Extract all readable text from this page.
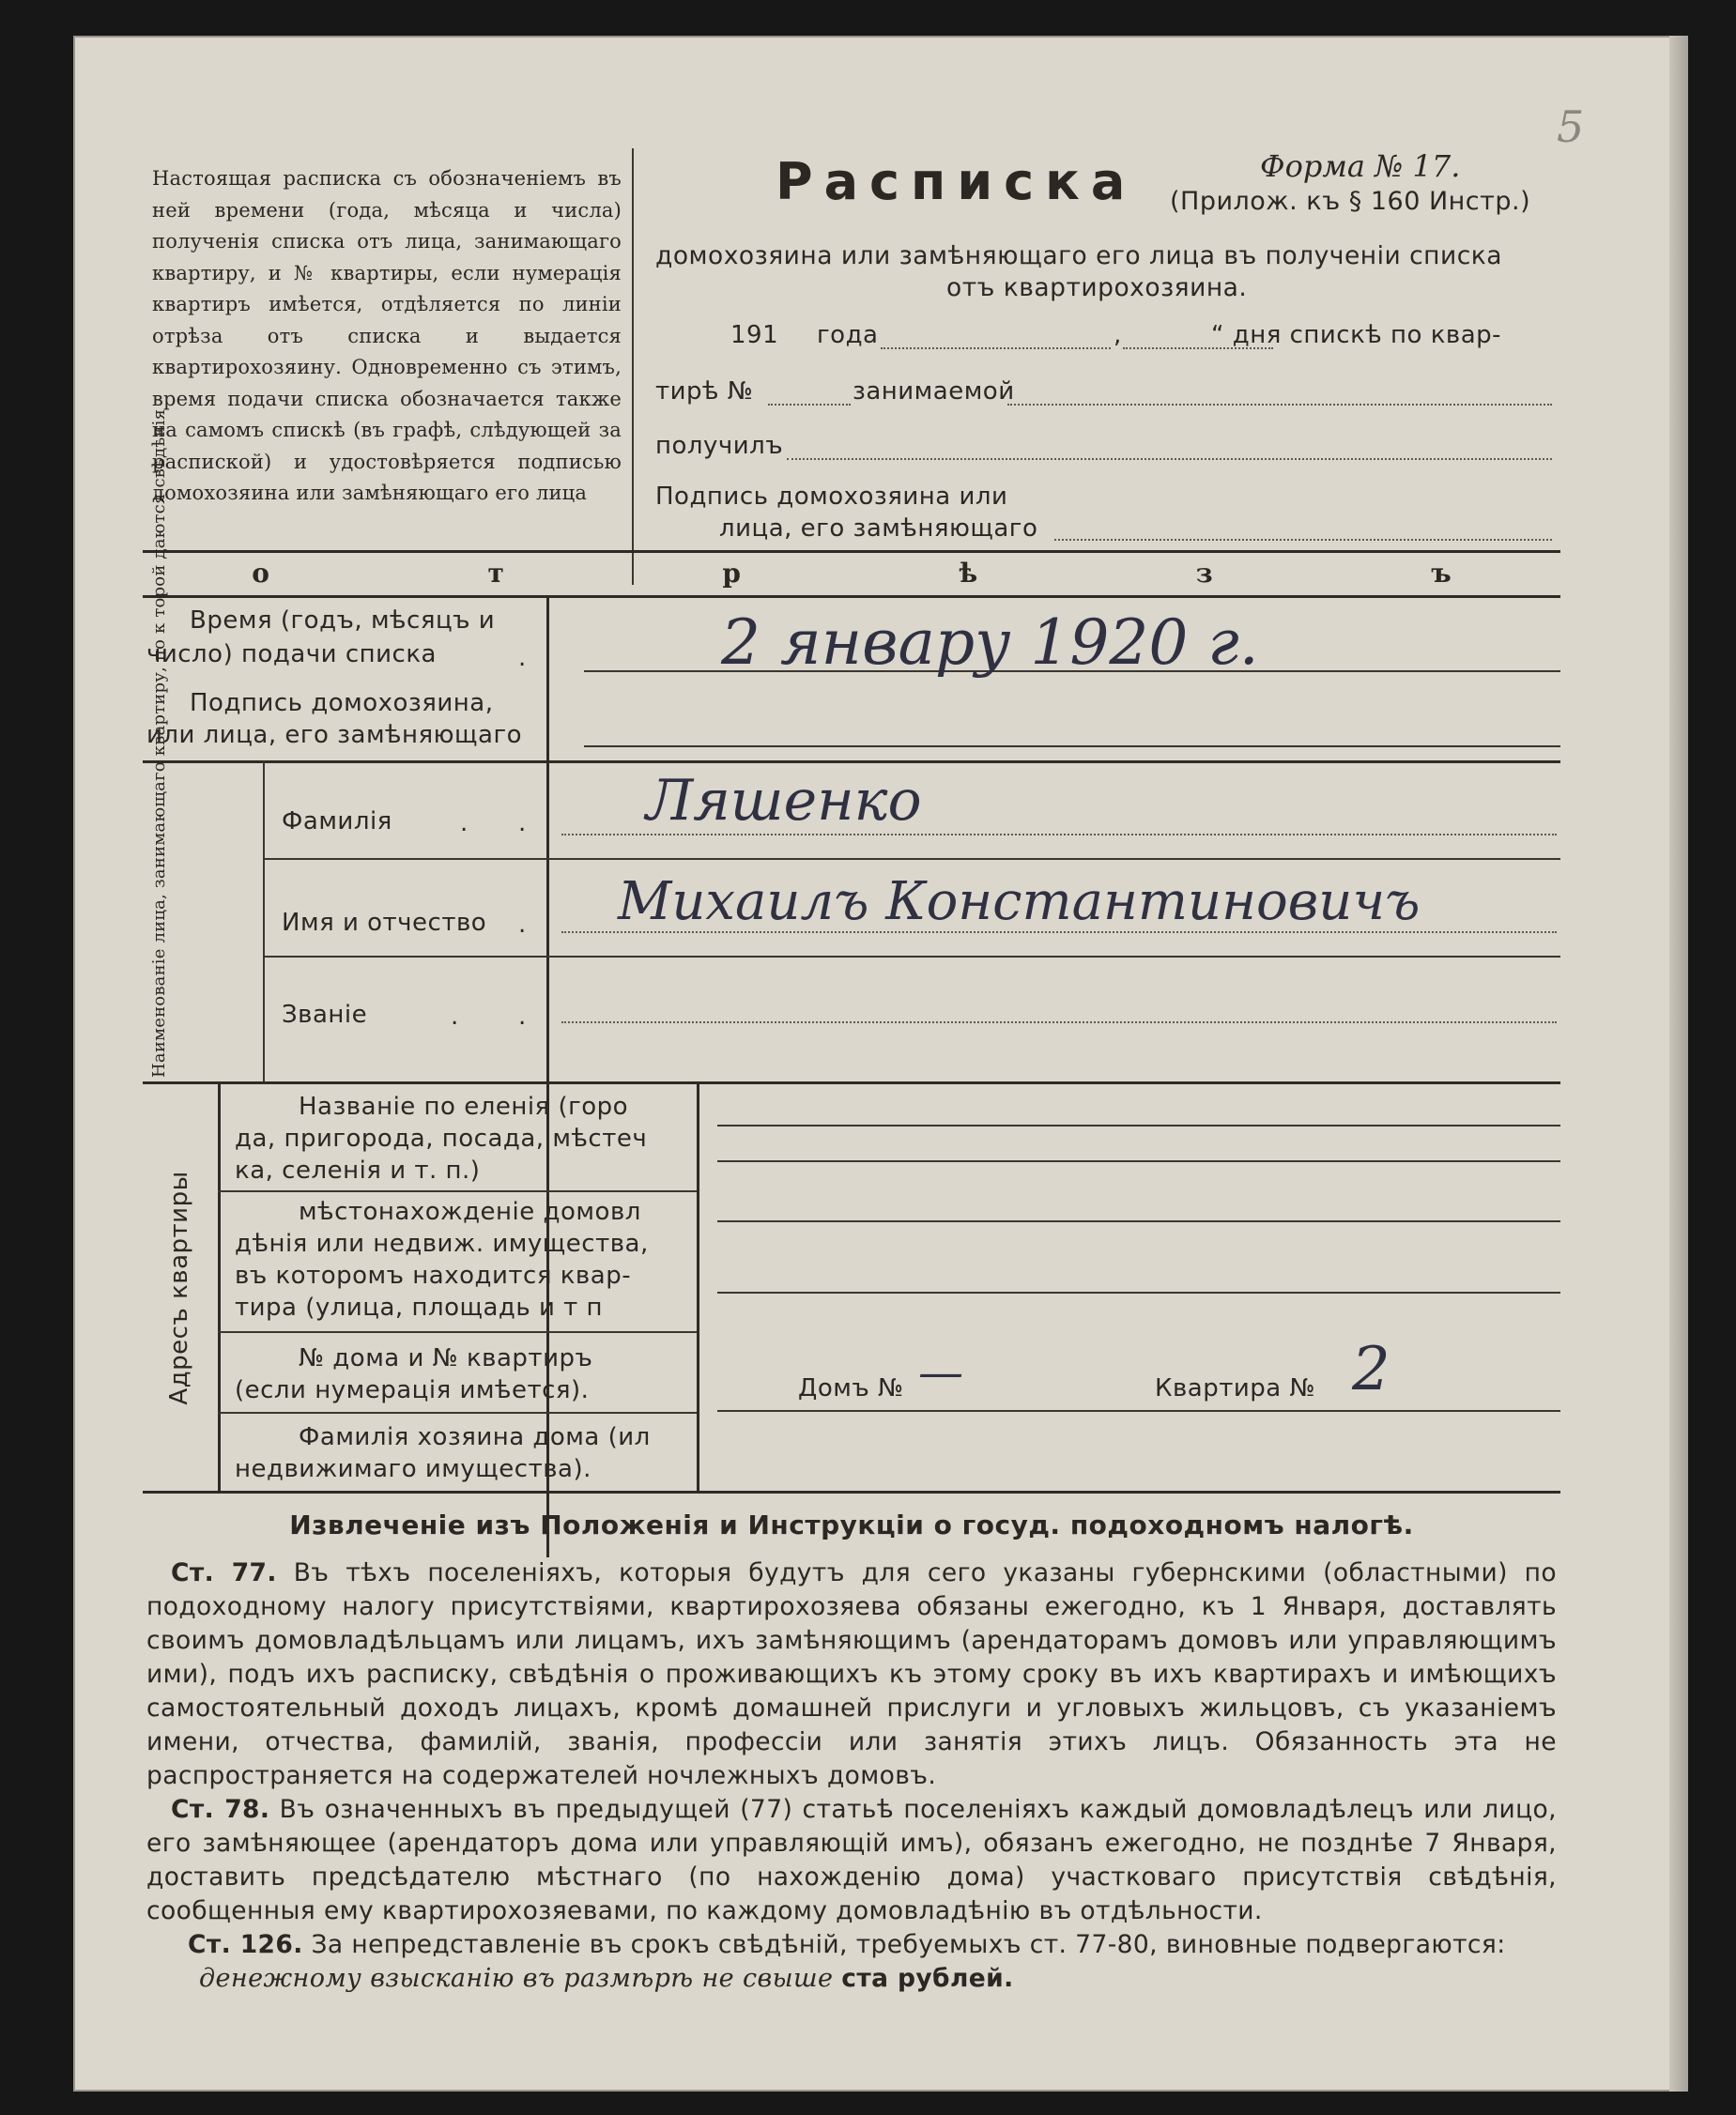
5
Настоящая расписка съ обозначеніемъ въ ней времени (года, мѣсяца и числа) полученія списка отъ лица, занимающаго квартиру, и № квартиры, если нумерація квартиръ имѣется, отдѣляется по линіи отрѣза отъ списка и выдается квартирохозяину. Одновременно съ этимъ, время подачи списка обозначается также на самомъ спискѣ (въ графѣ, слѣдующей за распиской) и удостовѣряется подписью домохозяина или замѣняющаго его лица
Расписка	Форма № 17.
(Прилож. къ § 160 Инстр.)
домохозяина или замѣняющаго его лица въ полученіи списка
отъ квартирохозяина.
191 года	,	“ дня спискѣ по квар-
тирѣ №	занимаемой
получилъ
Подпись домохозяина или
лица, его замѣняющаго
о	т	р	ѣ	з	ъ
Время (годъ, мѣсяцъ и
число) подачи списка	.
Подпись домохозяина,
или лица, его замѣняющаго
2 январу 1920 г.
Наименованіе лица, занимающаго квартиру, по к торой даются свѣдѣнія	Фамилія	. . Ляшенко
Имя и отчество . Михаилъ Константиновичъ
Званіе	. .
Адресъ квартиры
Названіе по еленія (горо
да, пригорода, посада, мѣстеч
ка, селенія и т. п.)
мѣстонахожденіе домовл
дѣнія или недвиж. имущества,
въ которомъ находится квар-
тира (улица, площадь и т п
№ дома и № квартиръ
(если нумерація имѣется).
Фамилія хозяина дома (ил
недвижимаго имущества).
Домъ № —	Квартира № 2
Извлеченіе изъ Положенія и Инструкціи о госуд. подоходномъ налогѣ.
Ст. 77. Въ тѣхъ поселеніяхъ, которыя будутъ для сего указаны губернскими (областными) по подоходному налогу присутствіями, квартирохозяева обязаны ежегодно, къ 1 Января, доставлять своимъ домовладѣльцамъ или лицамъ, ихъ замѣняющимъ (арендаторамъ домовъ или управляющимъ ими), подъ ихъ расписку, свѣдѣнія о проживающихъ къ этому сроку въ ихъ квартирахъ и имѣющихъ самостоятельный доходъ лицахъ, кромѣ домашней прислуги и угловыхъ жильцовъ, съ указаніемъ имени, отчества, фамилій, званія, профессіи или занятія этихъ лицъ. Обязанность эта не распространяется на содержателей ночлежныхъ домовъ.
Ст. 78. Въ означенныхъ въ предыдущей (77) статьѣ поселеніяхъ каждый домовладѣлецъ или лицо, его замѣняющее (арендаторъ дома или управляющій имъ), обязанъ ежегодно, не позднѣе 7 Января, доставить предсѣдателю мѣстнаго (по нахожденію дома) участковаго присутствія свѣдѣнія, сообщенныя ему квартирохозяевами, по каждому домовладѣнію въ отдѣльности.
Ст. 126. За непредставленіе въ срокъ свѣдѣній, требуемыхъ ст. 77-80, виновные подвергаются:
денежному взысканію въ размѣрѣ не свыше ста рублей.
